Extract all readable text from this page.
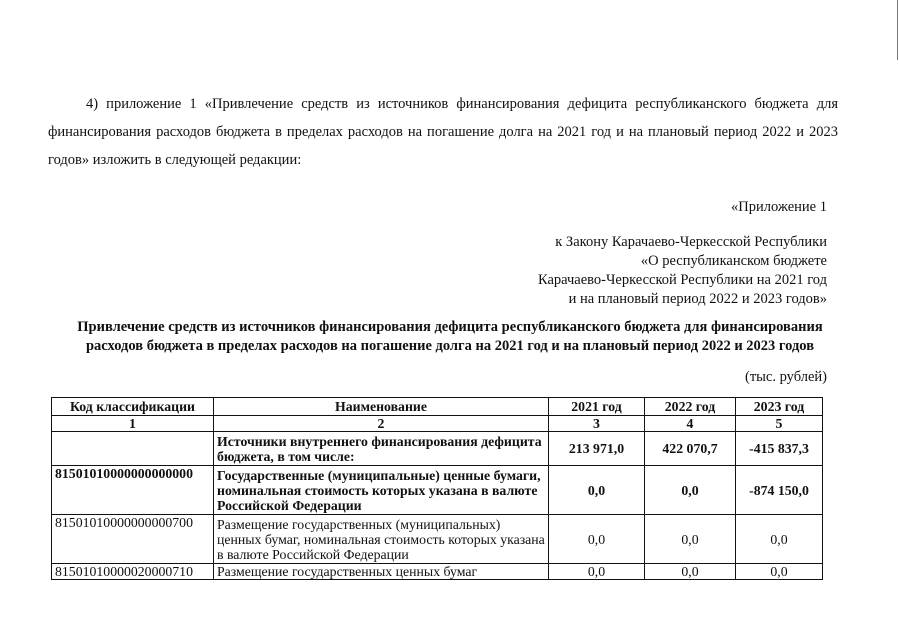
4) приложение 1 «Привлечение средств из источников финансирования дефицита республиканского бюджета для финансирования расходов бюджета в пределах расходов на погашение долга на 2021 год и на плановый период 2022 и 2023 годов» изложить в следующей редакции:

«Приложение 1
к Закону Карачаево-Черкесской Республики
«О республиканском бюджете
Карачаево-Черкесской Республики на 2021 год
и на плановый период 2022 и 2023 годов»
Привлечение средств из источников финансирования дефицита республиканского бюджета для финансирования
расходов бюджета в пределах расходов на погашение долга на 2021 год и на плановый период 2022 и 2023 годов
(тыс. рублей)
Код классификации	Наименование	2021 год	2022 год	2023 год
1	2	3	4	5
	Источники внутреннего финансирования дефицита бюджета, в том числе:	213 971,0	422 070,7	-415 837,3
81501010000000000000	Государственные (муниципальные) ценные бумаги, номинальная стоимость которых указана в валюте Российской Федерации	0,0	0,0	-874 150,0
81501010000000000700	Размещение государственных (муниципальных) ценных бумаг, номинальная стоимость которых указана в валюте Российской Федерации	0,0	0,0	0,0
81501010000020000710	Размещение государственных ценных бумаг	0,0	0,0	0,0
